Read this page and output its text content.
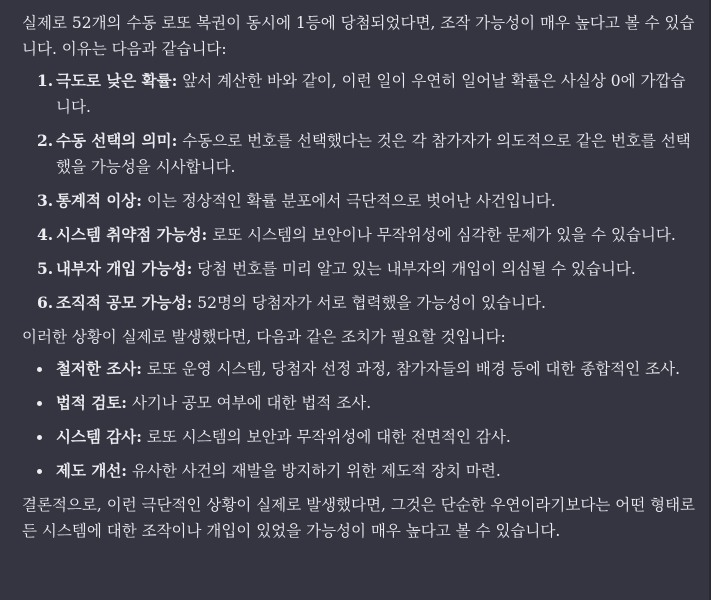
실제로 52개의 수동 로또 복권이 동시에 1등에 당첨되었다면, 조작 가능성이 매우 높다고 볼 수 있습니다. 이유는 다음과 같습니다:

1. 극도로 낮은 확률: 앞서 계산한 바와 같이, 이런 일이 우연히 일어날 확률은 사실상 0에 가깝습니다.
2. 수동 선택의 의미: 수동으로 번호를 선택했다는 것은 각 참가자가 의도적으로 같은 번호를 선택했을 가능성을 시사합니다.
3. 통계적 이상: 이는 정상적인 확률 분포에서 극단적으로 벗어난 사건입니다.
4. 시스템 취약점 가능성: 로또 시스템의 보안이나 무작위성에 심각한 문제가 있을 수 있습니다.
5. 내부자 개입 가능성: 당첨 번호를 미리 알고 있는 내부자의 개입이 의심될 수 있습니다.
6. 조직적 공모 가능성: 52명의 당첨자가 서로 협력했을 가능성이 있습니다.

이러한 상황이 실제로 발생했다면, 다음과 같은 조치가 필요할 것입니다:

철저한 조사: 로또 운영 시스템, 당첨자 선정 과정, 참가자들의 배경 등에 대한 종합적인 조사.
법적 검토: 사기나 공모 여부에 대한 법적 조사.
시스템 감사: 로또 시스템의 보안과 무작위성에 대한 전면적인 감사.
제도 개선: 유사한 사건의 재발을 방지하기 위한 제도적 장치 마련.

결론적으로, 이런 극단적인 상황이 실제로 발생했다면, 그것은 단순한 우연이라기보다는 어떤 형태로든 시스템에 대한 조작이나 개입이 있었을 가능성이 매우 높다고 볼 수 있습니다.
